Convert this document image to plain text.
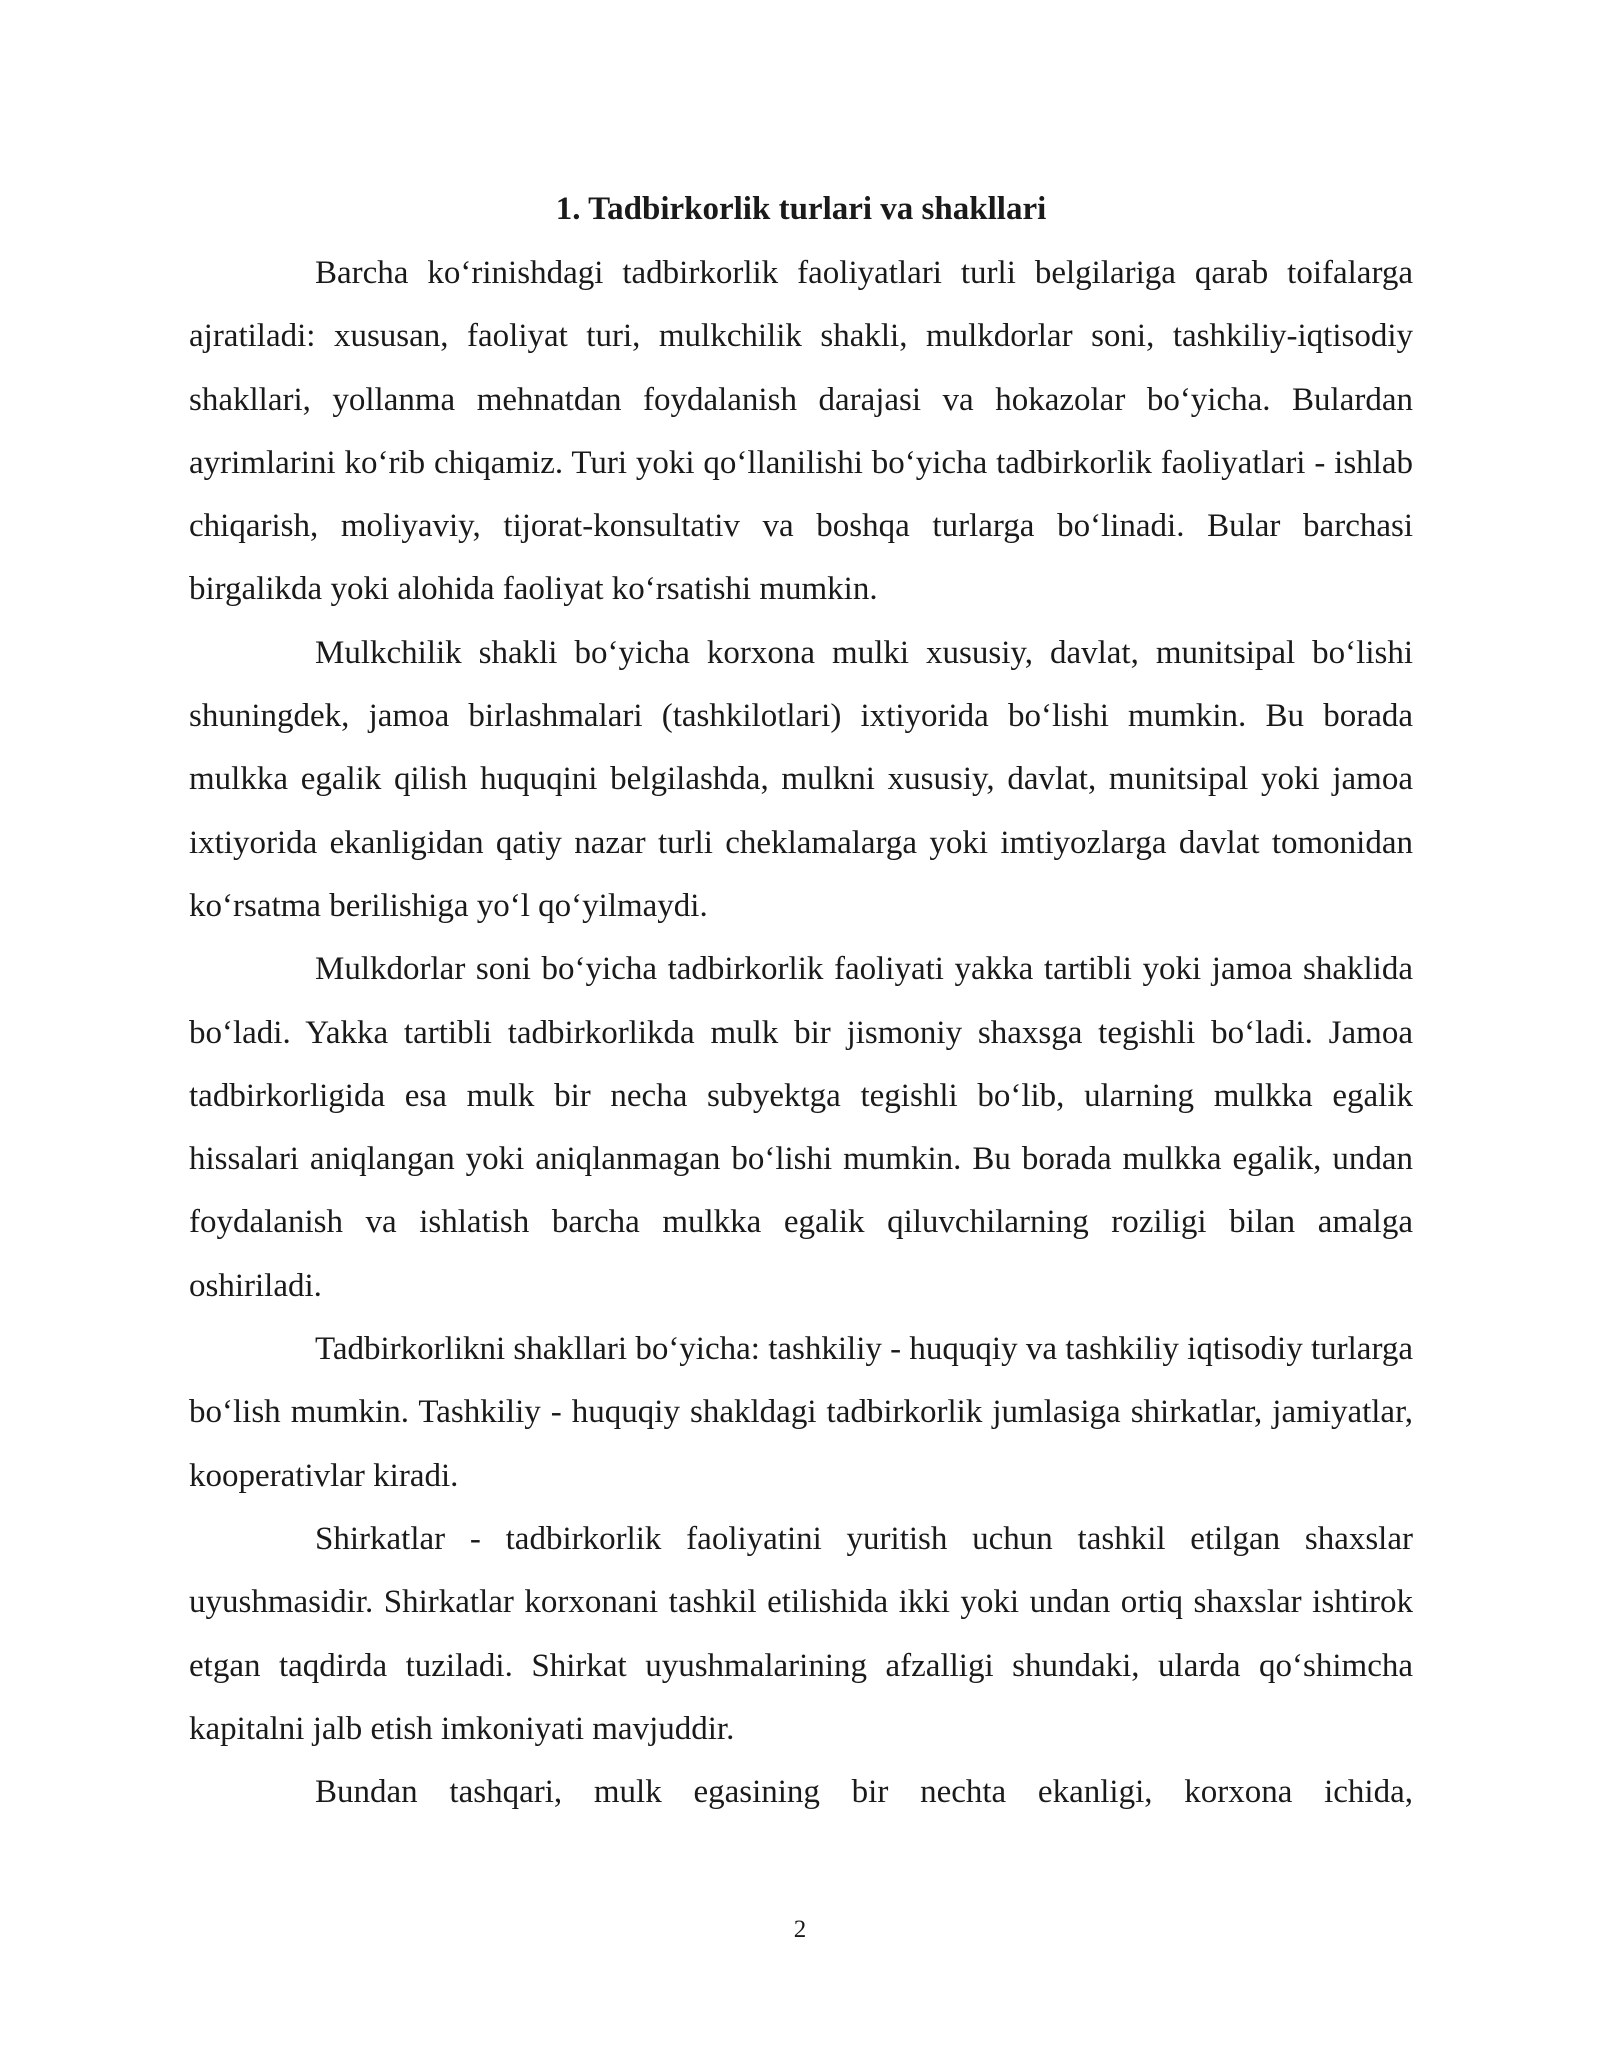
1. Tadbirkorlik turlari va shakllari

Barcha ko‘rinishdagi tadbirkorlik faoliyatlari turli belgilariga qarab toifalarga ajratiladi: xususan, faoliyat turi, mulkchilik shakli, mulkdorlar soni, tashkiliy-iqtisodiy shakllari, yollanma mehnatdan foydalanish darajasi va hokazolar bo‘yicha. Bulardan ayrimlarini ko‘rib chiqamiz. Turi yoki qo‘llanilishi bo‘yicha tadbirkorlik faoliyatlari - ishlab chiqarish, moliyaviy, tijorat-konsultativ va boshqa turlarga bo‘linadi. Bular barchasi birgalikda yoki alohida faoliyat ko‘rsatishi mumkin.

Mulkchilik shakli bo‘yicha korxona mulki xususiy, davlat, munitsipal bo‘lishi shuningdek, jamoa birlashmalari (tashkilotlari) ixtiyorida bo‘lishi mumkin. Bu borada mulkka egalik qilish huquqini belgilashda, mulkni xususiy, davlat, munitsipal yoki jamoa ixtiyorida ekanligidan qatiy nazar turli cheklamalarga yoki imtiyozlarga davlat tomonidan ko‘rsatma berilishiga yo‘l qo‘yilmaydi.

Mulkdorlar soni bo‘yicha tadbirkorlik faoliyati yakka tartibli yoki jamoa shaklida bo‘ladi. Yakka tartibli tadbirkorlikda mulk bir jismoniy shaxsga tegishli bo‘ladi. Jamoa tadbirkorligida esa mulk bir necha subyektga tegishli bo‘lib, ularning mulkka egalik hissalari aniqlangan yoki aniqlanmagan bo‘lishi mumkin. Bu borada mulkka egalik, undan foydalanish va ishlatish barcha mulkka egalik qiluvchilarning roziligi bilan amalga oshiriladi.

Tadbirkorlikni shakllari bo‘yicha: tashkiliy - huquqiy va tashkiliy iqtisodiy turlarga bo‘lish mumkin. Tashkiliy - huquqiy shakldagi tadbirkorlik jumlasiga shirkatlar, jamiyatlar, kooperativlar kiradi.

Shirkatlar - tadbirkorlik faoliyatini yuritish uchun tashkil etilgan shaxslar uyushmasidir. Shirkatlar korxonani tashkil etilishida ikki yoki undan ortiq shaxslar ishtirok etgan taqdirda tuziladi. Shirkat uyushmalarining afzalligi shundaki, ularda qo‘shimcha kapitalni jalb etish imkoniyati mavjuddir.

Bundan tashqari, mulk egasining bir nechta ekanligi, korxona ichida,

2
